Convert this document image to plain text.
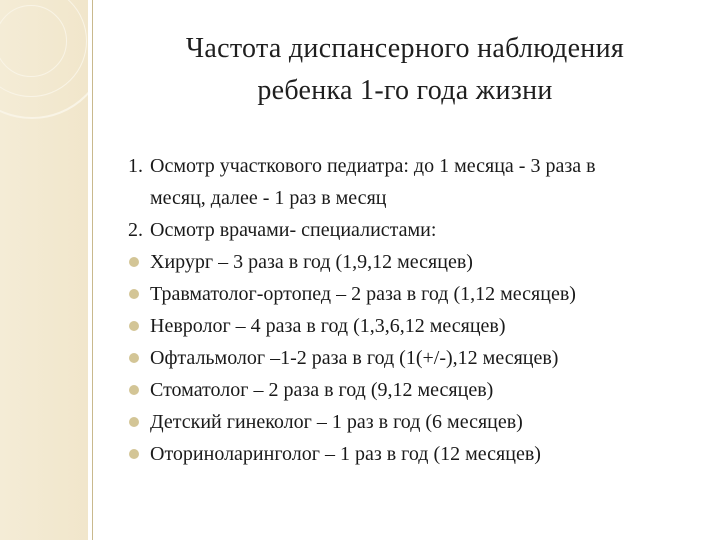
Частота диспансерного наблюдения
ребенка 1-го года жизни
1. Осмотр участкового педиатра: до 1 месяца - 3 раза в
месяц, далее - 1 раз в месяц
2. Осмотр врачами- специалистами:
Хирург – 3 раза в год (1,9,12 месяцев)
Травматолог-ортопед – 2 раза в год (1,12 месяцев)
Невролог – 4 раза в год (1,3,6,12 месяцев)
Офтальмолог –1-2 раза в год (1(+/-),12 месяцев)
Стоматолог – 2 раза в год (9,12 месяцев)
Детский гинеколог – 1 раз в год (6 месяцев)
Оториноларинголог – 1 раз в год (12 месяцев)
